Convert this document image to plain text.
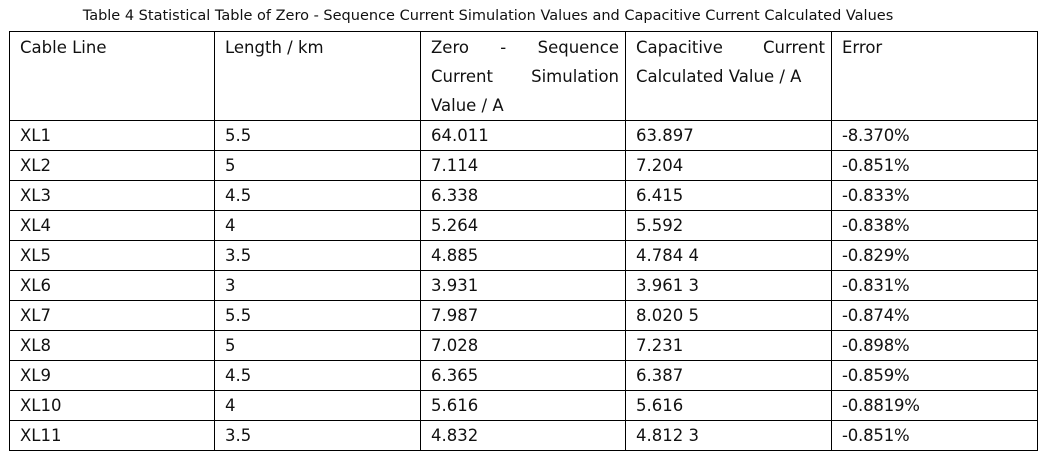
Table 4 Statistical Table of Zero - Sequence Current Simulation Values and Capacitive Current Calculated Values
Cable Line	Length / km	Zero - Sequence Current Simulation Value / A	Capacitive Current Calculated Value / A	Error
XL1	5.5	64.011	63.897	-8.370%
XL2	5	7.114	7.204	-0.851%
XL3	4.5	6.338	6.415	-0.833%
XL4	4	5.264	5.592	-0.838%
XL5	3.5	4.885	4.784 4	-0.829%
XL6	3	3.931	3.961 3	-0.831%
XL7	5.5	7.987	8.020 5	-0.874%
XL8	5	7.028	7.231	-0.898%
XL9	4.5	6.365	6.387	-0.859%
XL10	4	5.616	5.616	-0.8819%
XL11	3.5	4.832	4.812 3	-0.851%
